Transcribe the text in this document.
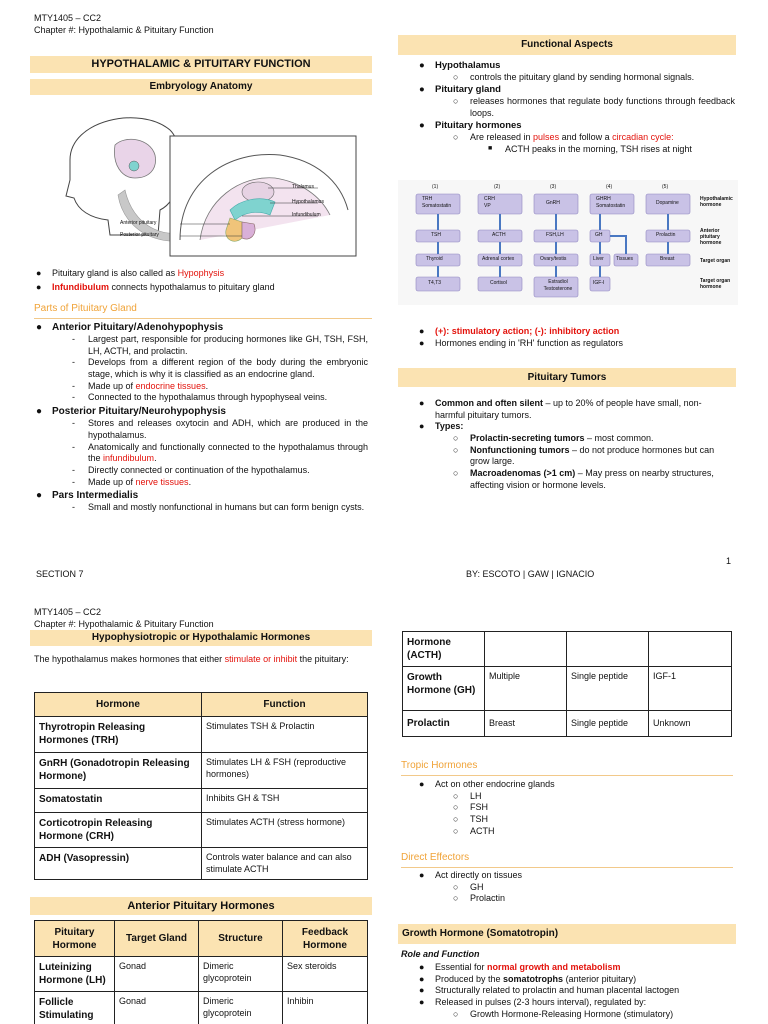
MTY1405 – CC2
Chapter #: Hypothalamic & Pituitary Function
HYPOTHALAMIC & PITUITARY FUNCTION
Embryology Anatomy
Thalamus
Hypothalamus
Infundibulum
Anterior pituitary
Posterior pituitary
● Pituitary gland is also called as Hypophysis
● Infundibulum connects hypothalamus to pituitary gland
Parts of Pituitary Gland
● Anterior Pituitary/Adenohypophysis
- Largest part, responsible for producing hormones like GH, TSH, FSH, LH, ACTH, and prolactin.
- Develops from a different region of the body during the embryonic stage, which is why it is classified as an endocrine gland.
- Made up of endocrine tissues.
- Connected to the hypothalamus through hypophyseal veins.
● Posterior Pituitary/Neurohypophysis
- Stores and releases oxytocin and ADH, which are produced in the hypothalamus.
- Anatomically and functionally connected to the hypothalamus through the infundibulum.
- Directly connected or continuation of the hypothalamus.
- Made up of nerve tissues.
● Pars Intermedialis
- Small and mostly nonfunctional in humans but can form benign cysts.
Functional Aspects
● Hypothalamus
○ controls the pituitary gland by sending hormonal signals.
● Pituitary gland
○ releases hormones that regulate body functions through feedback loops.
● Pituitary hormones
○ Are released in pulses and follow a circadian cycle:
■ ACTH peaks in the morning, TSH rises at night
(1)	(2)	(3)	(4)	(5)
TRH
Somatostatin
CRH
VP	GnRH
GHRH
Somatostatin	Dopamine
TSH	ACTH	FSH,LH	GH	Prolactin
Thyroid	Adrenal cortex	Ovary/testis	Liver Tissues	Breast
T4,T3	Cortisol	Estradiol Testosterone
IGF-I
Hypothalamic hormone
Anterior pituitary hormone
Target organ
Target organ hormone
● (+): stimulatory action; (-): inhibitory action
● Hormones ending in 'RH' function as regulators
Pituitary Tumors
● Common and often silent – up to 20% of people have small, non-harmful pituitary tumors.
● Types:
○ Prolactin-secreting tumors – most common.
○ Nonfunctioning tumors – do not produce hormones but can grow large.
○ Macroadenomas (>1 cm) – May press on nearby structures, affecting vision or hormone levels.
1
SECTION 7	BY: ESCOTO | GAW | IGNACIO
MTY1405 – CC2
Chapter #: Hypothalamic & Pituitary Function
Hypophysiotropic or Hypothalamic Hormones
The hypothalamus makes hormones that either stimulate or inhibit the pituitary:
Hormone	Function
Thyrotropin Releasing Hormones (TRH)	Stimulates TSH & Prolactin
GnRH (Gonadotropin Releasing Hormone)	Stimulates LH & FSH (reproductive hormones)
Somatostatin	Inhibits GH & TSH
Corticotropin Releasing Hormone (CRH)	Stimulates ACTH (stress hormone)
ADH (Vasopressin)	Controls water balance and can also stimulate ACTH
Anterior Pituitary Hormones
Pituitary Hormone	Target Gland	Structure	Feedback Hormone
Luteinizing Hormone (LH)	Gonad	Dimeric glycoprotein	Sex steroids
Follicle Stimulating	Gonad	Dimeric glycoprotein	Inhibin
Hormone (ACTH)			
Growth Hormone (GH)	Multiple	Single peptide	IGF-1
Prolactin	Breast	Single peptide	Unknown
Tropic Hormones
● Act on other endocrine glands
○ LH
○ FSH
○ TSH
○ ACTH
Direct Effectors
● Act directly on tissues
○ GH
○ Prolactin
Growth Hormone (Somatotropin)
Role and Function
● Essential for normal growth and metabolism
● Produced by the somatotrophs (anterior pituitary)
● Structurally related to prolactin and human placental lactogen
● Released in pulses (2-3 hours interval), regulated by:
○ Growth Hormone-Releasing Hormone (stimulatory)
